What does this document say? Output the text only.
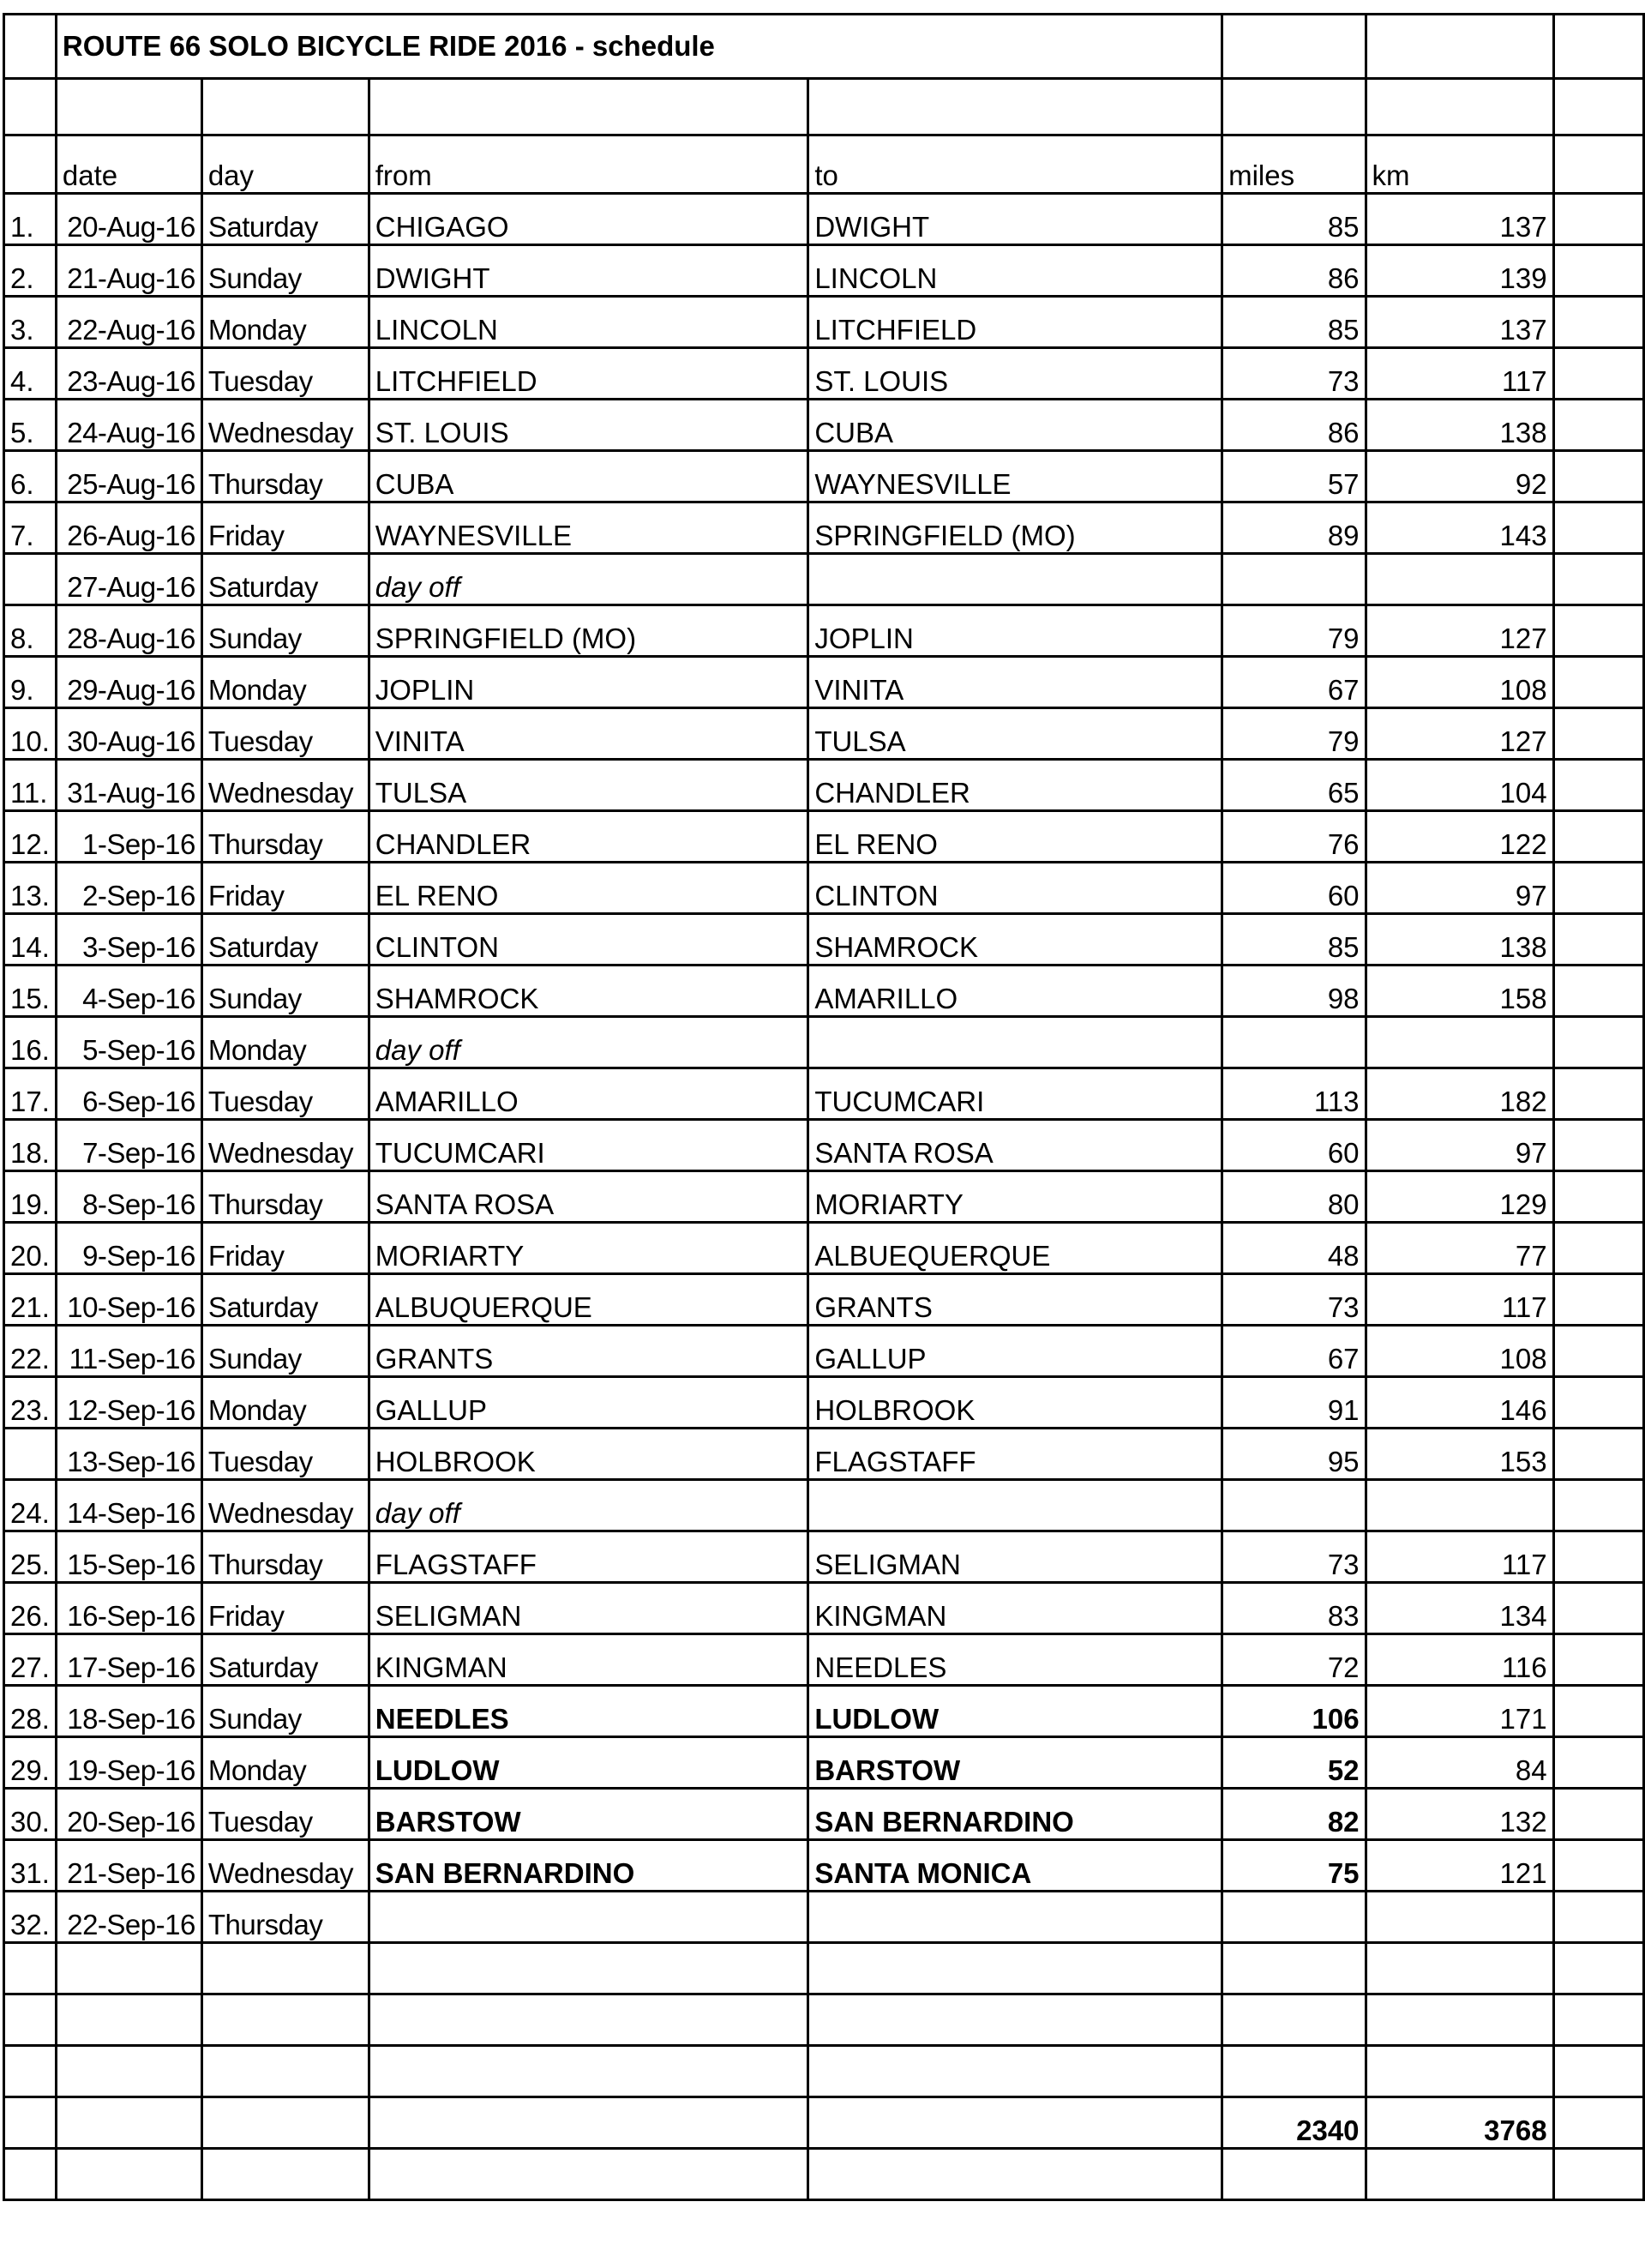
	ROUTE 66 SOLO BICYCLE RIDE 2016 - schedule						

	date	day	from	to	miles	km	
1.	20-Aug-16	Saturday	CHIGAGO	DWIGHT	85	137	
2.	21-Aug-16	Sunday	DWIGHT	LINCOLN	86	139	
3.	22-Aug-16	Monday	LINCOLN	LITCHFIELD	85	137	
4.	23-Aug-16	Tuesday	LITCHFIELD	ST. LOUIS	73	117	
5.	24-Aug-16	Wednesday	ST. LOUIS	CUBA	86	138	
6.	25-Aug-16	Thursday	CUBA	WAYNESVILLE	57	92	
7.	26-Aug-16	Friday	WAYNESVILLE	SPRINGFIELD (MO)	89	143	
	27-Aug-16	Saturday	day off				
8.	28-Aug-16	Sunday	SPRINGFIELD (MO)	JOPLIN	79	127	
9.	29-Aug-16	Monday	JOPLIN	VINITA	67	108	
10.	30-Aug-16	Tuesday	VINITA	TULSA	79	127	
11.	31-Aug-16	Wednesday	TULSA	CHANDLER	65	104	
12.	1-Sep-16	Thursday	CHANDLER	EL RENO	76	122	
13.	2-Sep-16	Friday	EL RENO	CLINTON	60	97	
14.	3-Sep-16	Saturday	CLINTON	SHAMROCK	85	138	
15.	4-Sep-16	Sunday	SHAMROCK	AMARILLO	98	158	
16.	5-Sep-16	Monday	day off				
17.	6-Sep-16	Tuesday	AMARILLO	TUCUMCARI	113	182	
18.	7-Sep-16	Wednesday	TUCUMCARI	SANTA ROSA	60	97	
19.	8-Sep-16	Thursday	SANTA ROSA	MORIARTY	80	129	
20.	9-Sep-16	Friday	MORIARTY	ALBUEQUERQUE	48	77	
21.	10-Sep-16	Saturday	ALBUQUERQUE	GRANTS	73	117	
22.	11-Sep-16	Sunday	GRANTS	GALLUP	67	108	
23.	12-Sep-16	Monday	GALLUP	HOLBROOK	91	146	
	13-Sep-16	Tuesday	HOLBROOK	FLAGSTAFF	95	153	
24.	14-Sep-16	Wednesday	day off				
25.	15-Sep-16	Thursday	FLAGSTAFF	SELIGMAN	73	117	
26.	16-Sep-16	Friday	SELIGMAN	KINGMAN	83	134	
27.	17-Sep-16	Saturday	KINGMAN	NEEDLES	72	116	
28.	18-Sep-16	Sunday	NEEDLES	LUDLOW	106	171	
29.	19-Sep-16	Monday	LUDLOW	BARSTOW	52	84	
30.	20-Sep-16	Tuesday	BARSTOW	SAN BERNARDINO	82	132	
31.	21-Sep-16	Wednesday	SAN BERNARDINO	SANTA MONICA	75	121	
32.	22-Sep-16	Thursday					

					2340	3768	
